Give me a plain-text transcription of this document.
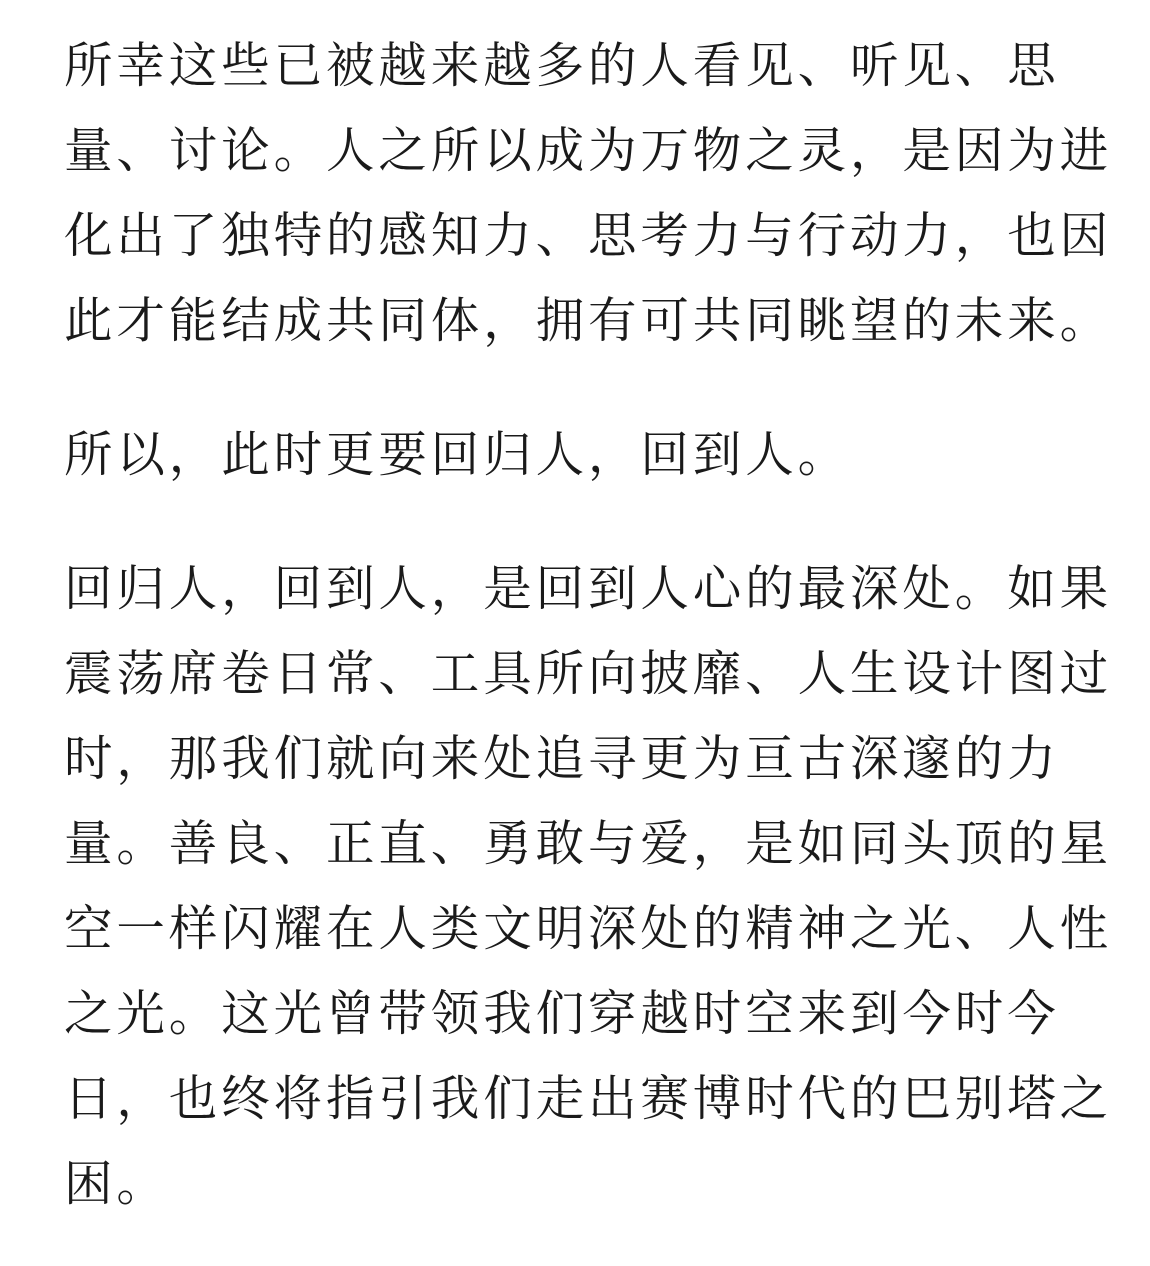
所幸这些已被越来越多的人看见、听见、思
量、讨论。人之所以成为万物之灵，是因为进
化出了独特的感知力、思考力与行动力，也因
此才能结成共同体，拥有可共同眺望的未来。

所以，此时更要回归人，回到人。

回归人，回到人，是回到人心的最深处。如果
震荡席卷日常、工具所向披靡、人生设计图过
时，那我们就向来处追寻更为亘古深邃的力
量。善良、正直、勇敢与爱，是如同头顶的星
空一样闪耀在人类文明深处的精神之光、人性
之光。这光曾带领我们穿越时空来到今时今
日，也终将指引我们走出赛博时代的巴别塔之
困。
